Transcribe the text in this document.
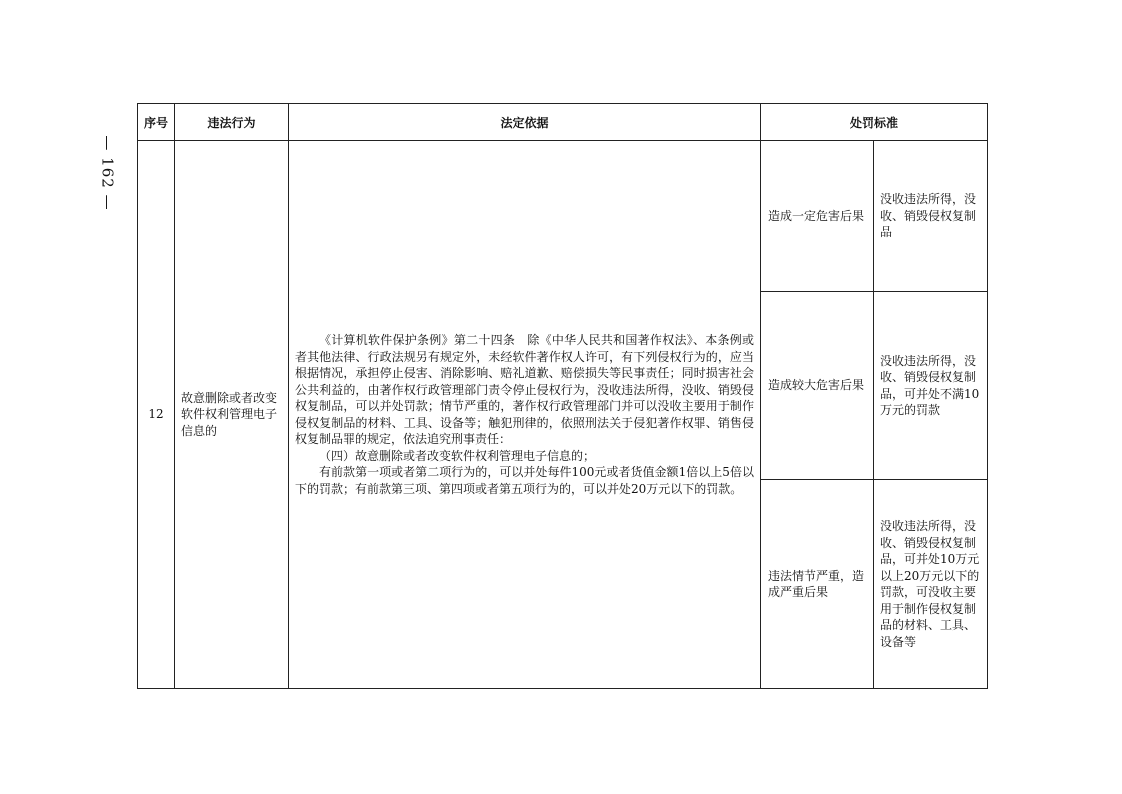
— 162 —
序号	违法行为	法定依据	处罚标准	
12	故意删除或者改变软件权利管理电子信息的	《计算机软件保护条例》第二十四条　除《中华人民共和国著作权法》、本条例或者其他法律、行政法规另有规定外，未经软件著作权人许可，有下列侵权行为的，应当根据情况，承担停止侵害、消除影响、赔礼道歉、赔偿损失等民事责任；同时损害社会公共利益的，由著作权行政管理部门责令停止侵权行为，没收违法所得，没收、销毁侵权复制品，可以并处罚款；情节严重的，著作权行政管理部门并可以没收主要用于制作侵权复制品的材料、工具、设备等；触犯刑律的，依照刑法关于侵犯著作权罪、销售侵权复制品罪的规定，依法追究刑事责任：

（四）故意删除或者改变软件权利管理电子信息的；

有前款第一项或者第二项行为的，可以并处每件100元或者货值金额1倍以上5倍以下的罚款；有前款第三项、第四项或者第五项行为的，可以并处20万元以下的罚款。	造成一定危害后果	没收违法所得，没收、销毁侵权复制品
			造成较大危害后果	没收违法所得，没收、销毁侵权复制品，可并处不满10万元的罚款
			违法情节严重，造成严重后果	没收违法所得，没收、销毁侵权复制品，可并处10万元以上20万元以下的罚款，可没收主要用于制作侵权复制品的材料、工具、设备等
